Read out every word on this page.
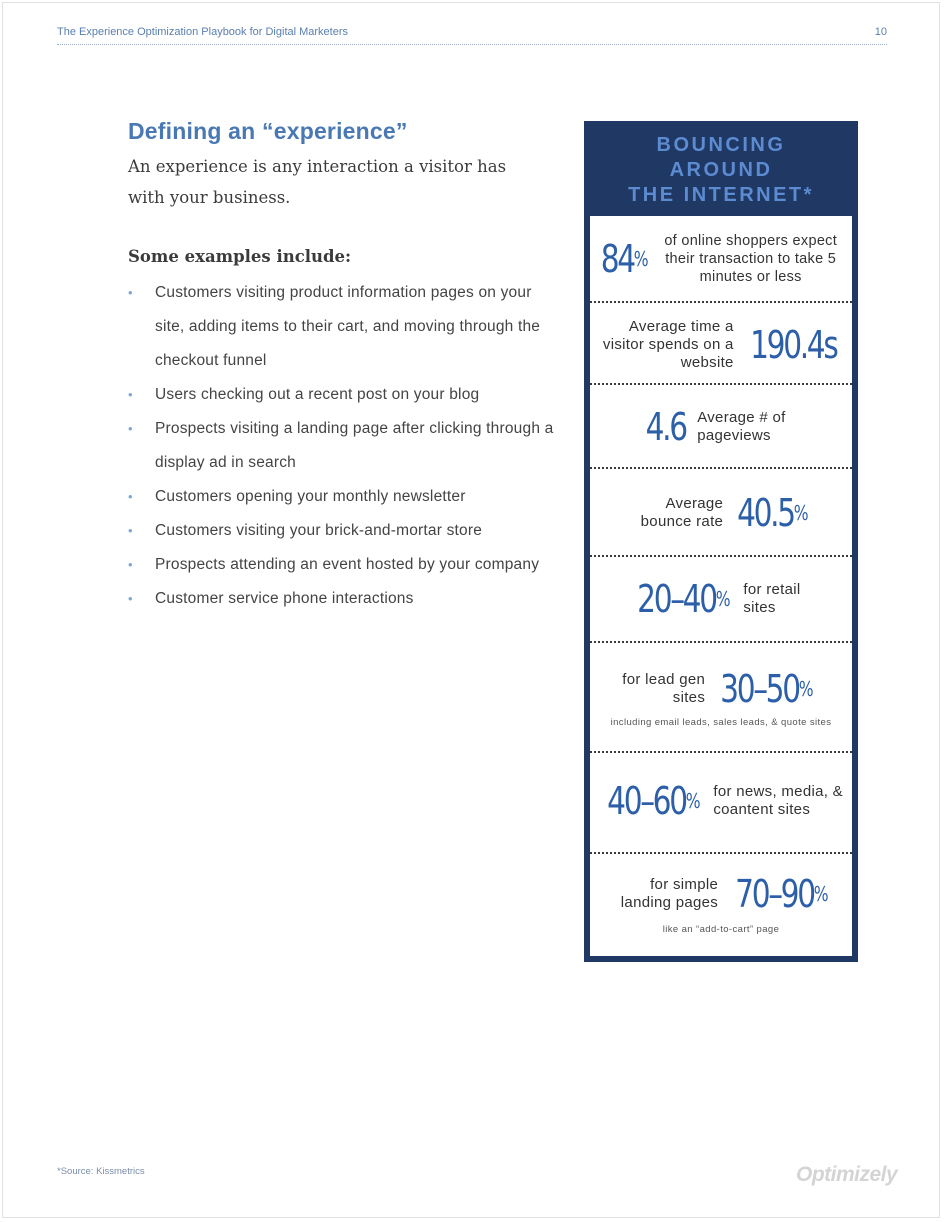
The Experience Optimization Playbook for Digital Marketers	10
Defining an “experience”

An experience is any interaction a visitor has with your business.

Some examples include:

• Customers visiting product information pages on your site, adding items to their cart, and moving through the checkout funnel
• Users checking out a recent post on your blog
• Prospects visiting a landing page after clicking through a display ad in search
• Customers opening your monthly newsletter
• Customers visiting your brick-and-mortar store
• Prospects attending an event hosted by your company
• Customer service phone interactions
BOUNCING
AROUND
THE INTERNET*
84%
of online shoppers expect their transaction to take 5 minutes or less
Average time a visitor spends on a website 190.4s
4.6 Average # of pageviews
Average bounce rate 40.5%
20–40% for retail sites
for lead gen sites 30–50%
including email leads, sales leads, & quote sites
40–60% for news, media, & coantent sites
for simple landing pages 70–90%
like an “add-to-cart” page
*Source: Kissmetrics	Optimizely
